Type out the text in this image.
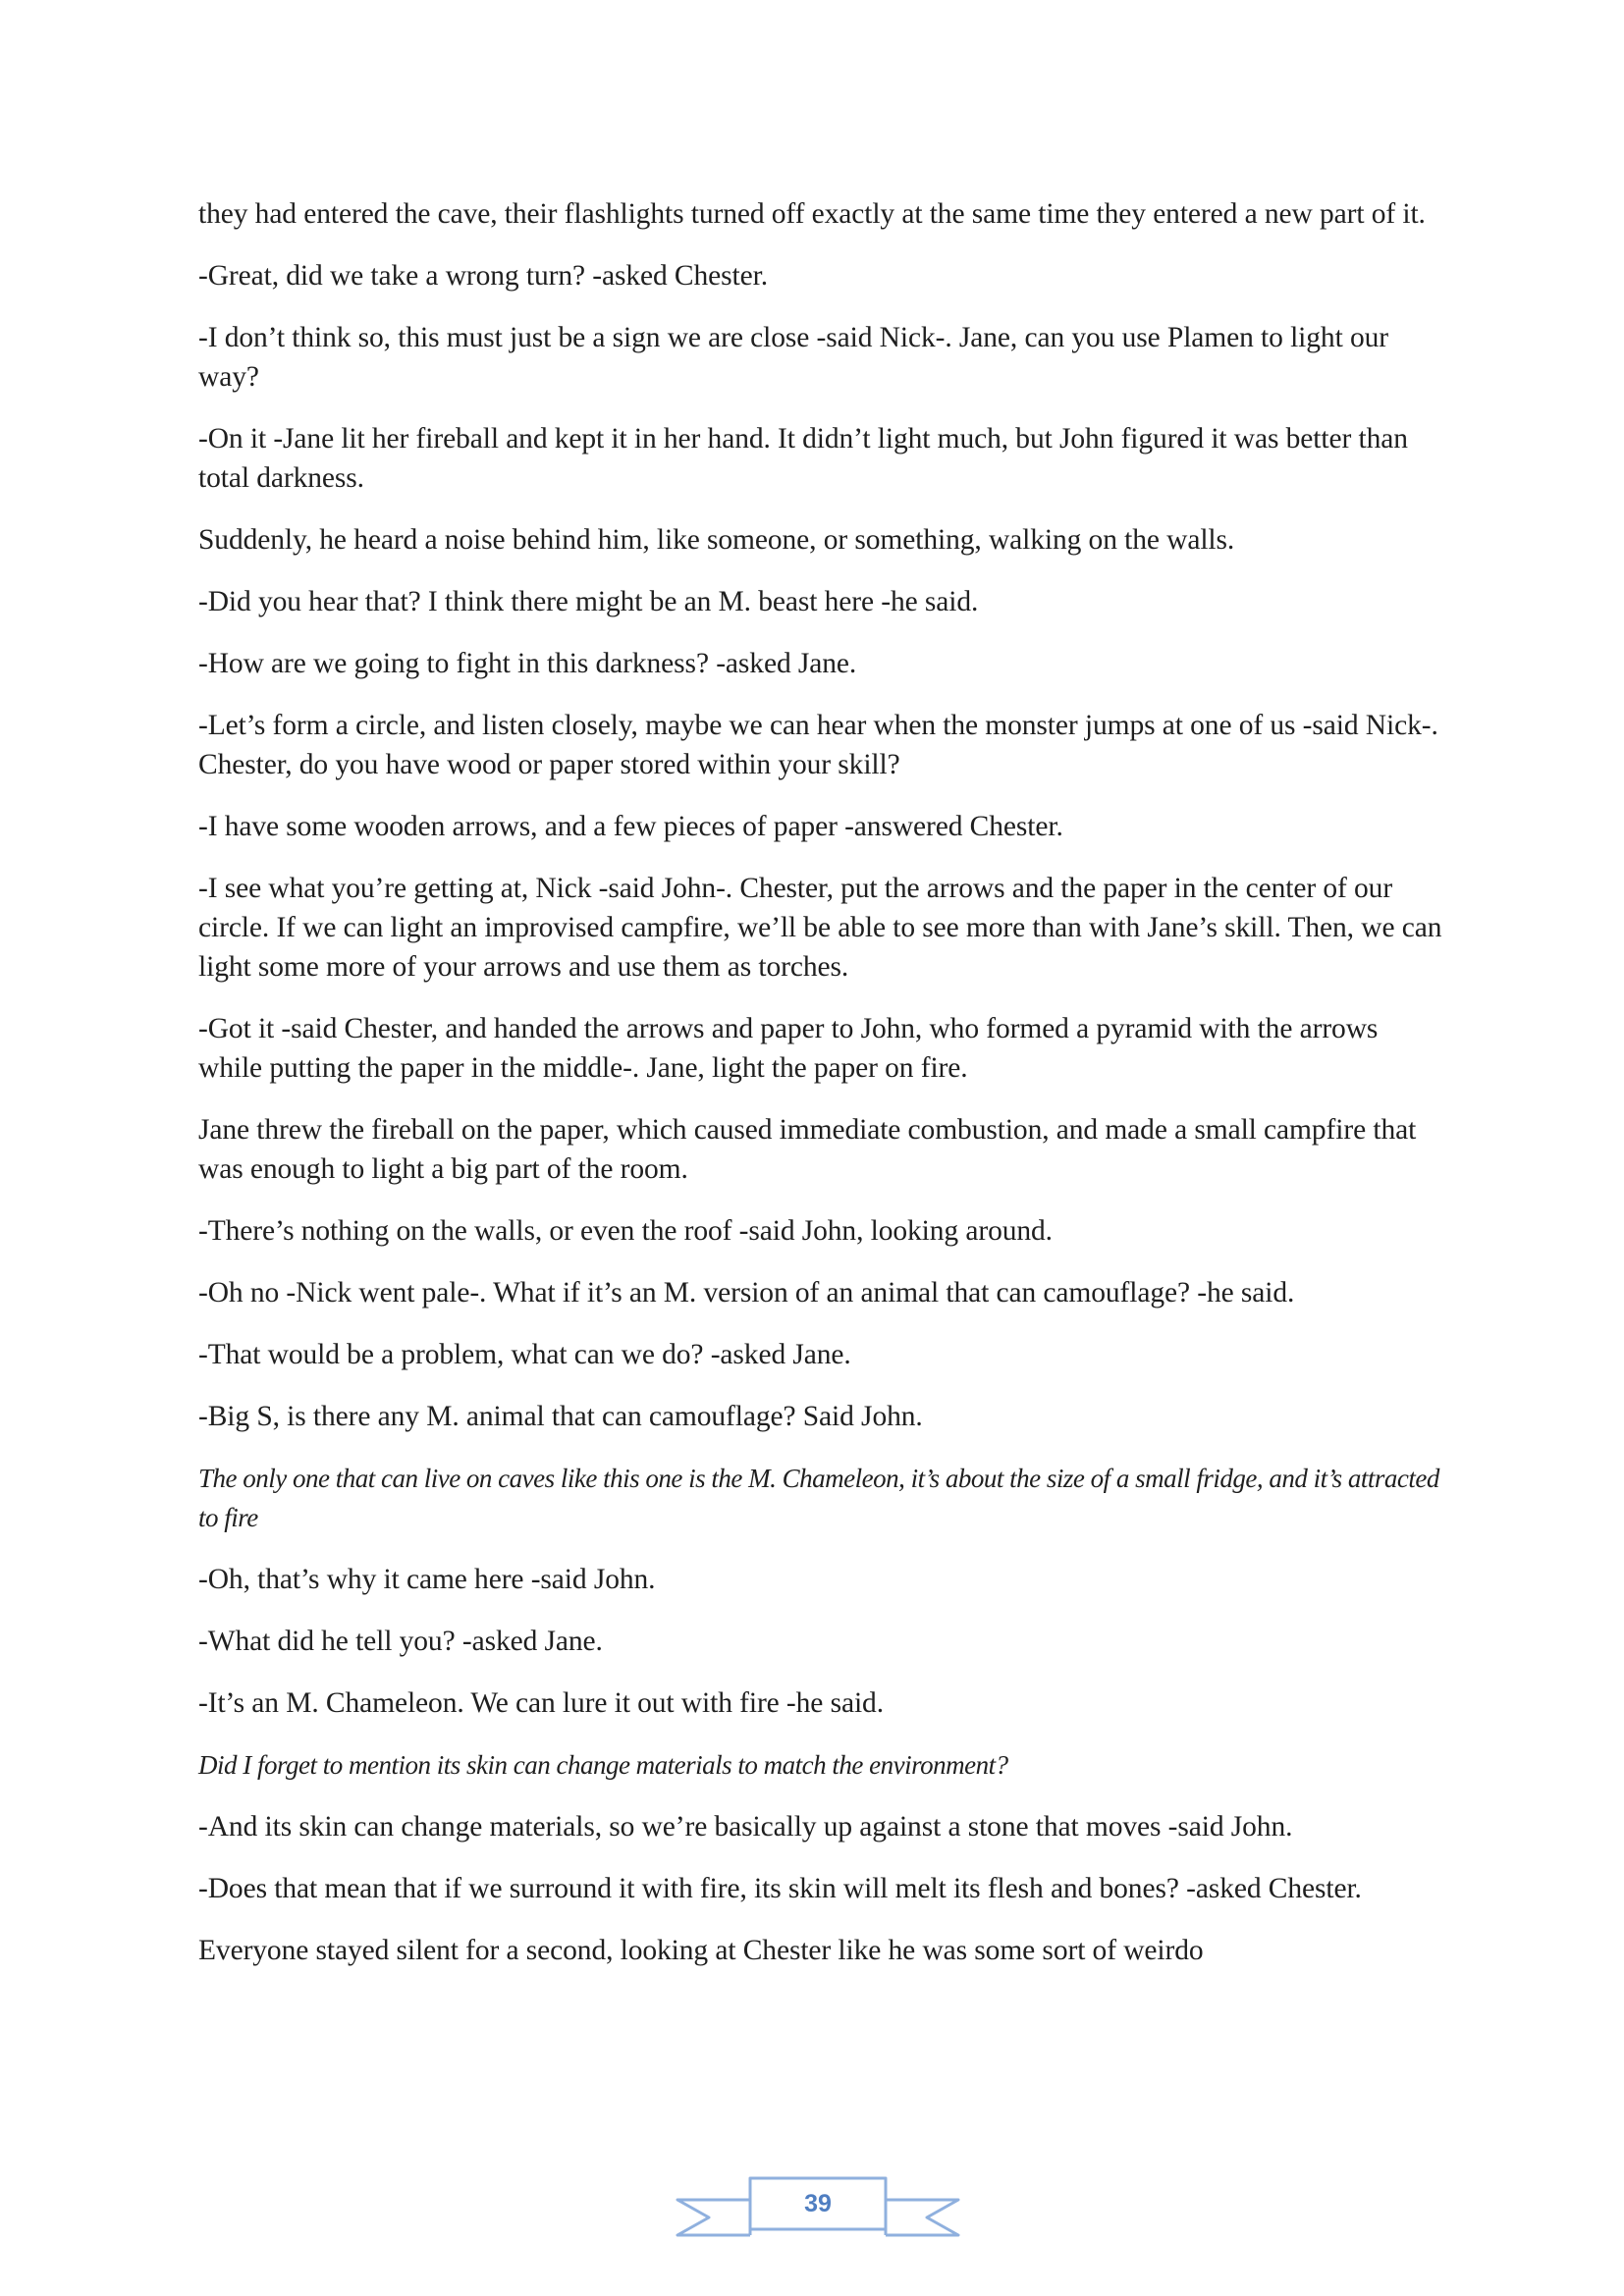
they had entered the cave, their flashlights turned off exactly at the same time they entered a new part of it.

-Great, did we take a wrong turn? -asked Chester.

-I don’t think so, this must just be a sign we are close -said Nick-. Jane, can you use Plamen to light our way?

-On it -Jane lit her fireball and kept it in her hand. It didn’t light much, but John figured it was better than total darkness.

Suddenly, he heard a noise behind him, like someone, or something, walking on the walls.

-Did you hear that? I think there might be an M. beast here -he said.

-How are we going to fight in this darkness? -asked Jane.

-Let’s form a circle, and listen closely, maybe we can hear when the monster jumps at one of us -said Nick-. Chester, do you have wood or paper stored within your skill?

-I have some wooden arrows, and a few pieces of paper -answered Chester.

-I see what you’re getting at, Nick -said John-. Chester, put the arrows and the paper in the center of our circle. If we can light an improvised campfire, we’ll be able to see more than with Jane’s skill. Then, we can light some more of your arrows and use them as torches.

-Got it -said Chester, and handed the arrows and paper to John, who formed a pyramid with the arrows while putting the paper in the middle-. Jane, light the paper on fire.

Jane threw the fireball on the paper, which caused immediate combustion, and made a small campfire that was enough to light a big part of the room.

-There’s nothing on the walls, or even the roof -said John, looking around.

-Oh no -Nick went pale-. What if it’s an M. version of an animal that can camouflage? -he said.

-That would be a problem, what can we do? -asked Jane.

-Big S, is there any M. animal that can camouflage? Said John.

The only one that can live on caves like this one is the M. Chameleon, it’s about the size of a small fridge, and it’s attracted to fire

-Oh, that’s why it came here -said John.

-What did he tell you? -asked Jane.

-It’s an M. Chameleon. We can lure it out with fire -he said.

Did I forget to mention its skin can change materials to match the environment?

-And its skin can change materials, so we’re basically up against a stone that moves -said John.

-Does that mean that if we surround it with fire, its skin will melt its flesh and bones? -asked Chester.

Everyone stayed silent for a second, looking at Chester like he was some sort of weirdo

39
